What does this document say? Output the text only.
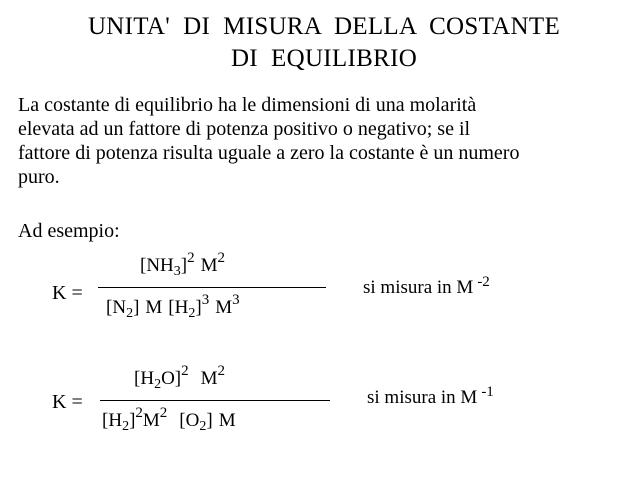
UNITA'  DI  MISURA  DELLA  COSTANTE
DI  EQUILIBRIO
La costante di equilibrio ha le dimensioni di una molarità
elevata ad un fattore di potenza positivo o negativo; se il
fattore di potenza risulta uguale a zero la costante è un numero
puro.
Ad esempio:
K =
$[NH_3]^2$ $M^2$
$[N_2]$ M $[H_2]^3$ $M^3$
si misura in M $^{-2}$
K =
$[H_2O]^2$ $M^2$
$[H_2]^2M^2$ $[O_2]$ M
si misura in M $^{-1}$
